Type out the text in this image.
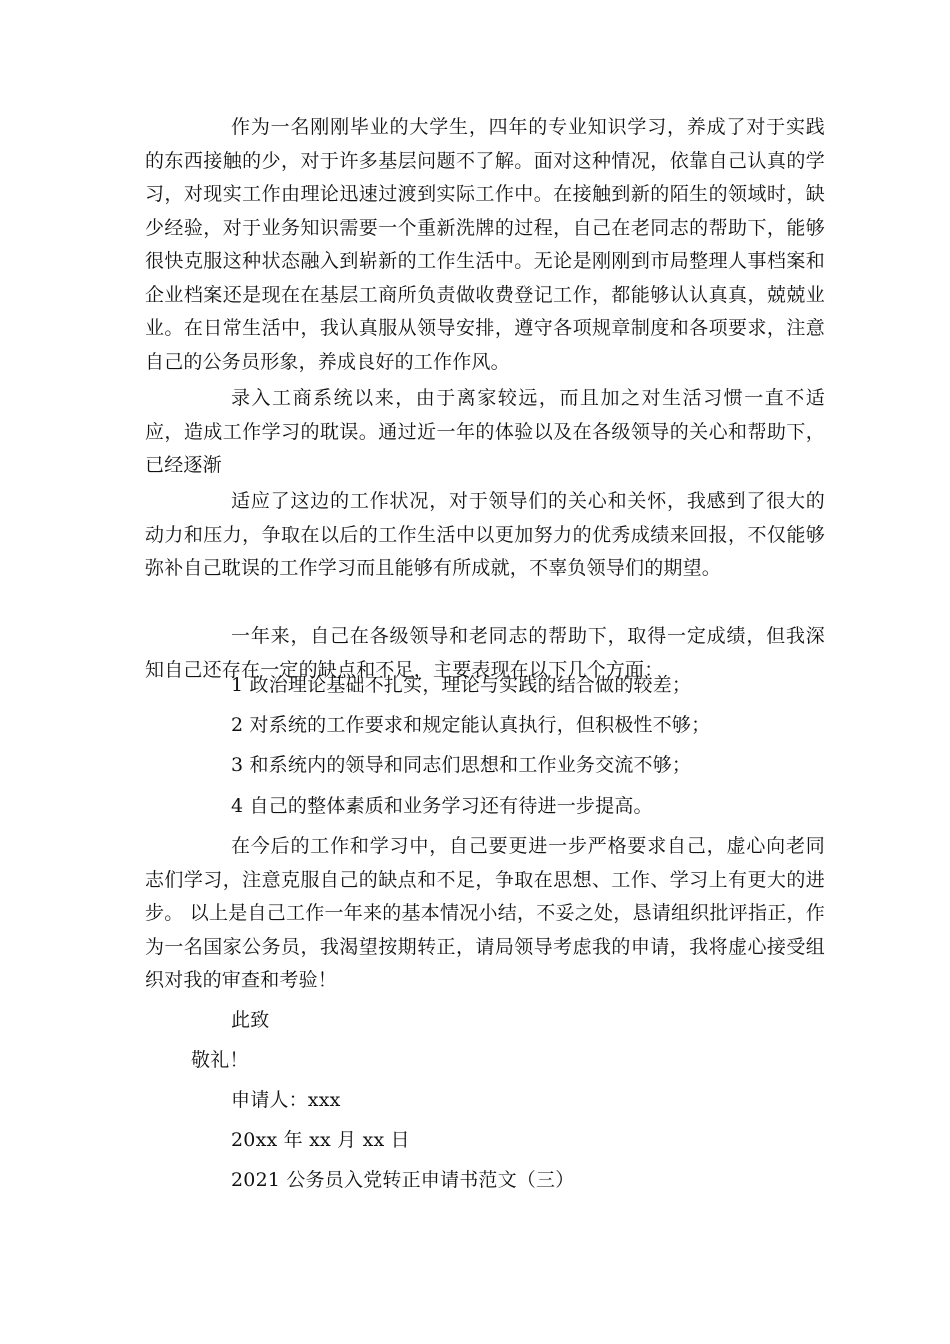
作为一名刚刚毕业的大学生，四年的专业知识学习，养成了对于实践的东西接触的少，对于许多基层问题不了解。面对这种情况，依靠自己认真的学习，对现实工作由理论迅速过渡到实际工作中。在接触到新的陌生的领域时，缺少经验，对于业务知识需要一个重新洗牌的过程，自己在老同志的帮助下，能够很快克服这种状态融入到崭新的工作生活中。无论是刚刚到市局整理人事档案和企业档案还是现在在基层工商所负责做收费登记工作，都能够认认真真，兢兢业业。在日常生活中，我认真服从领导安排，遵守各项规章制度和各项要求，注意自己的公务员形象，养成良好的工作作风。

录入工商系统以来，由于离家较远，而且加之对生活习惯一直不适应，造成工作学习的耽误。通过近一年的体验以及在各级领导的关心和帮助下，已经逐渐

适应了这边的工作状况，对于领导们的关心和关怀，我感到了很大的动力和压力，争取在以后的工作生活中以更加努力的优秀成绩来回报，不仅能够弥补自己耽误的工作学习而且能够有所成就，不辜负领导们的期望。

一年来，自己在各级领导和老同志的帮助下，取得一定成绩，但我深知自己还存在一定的缺点和不足，主要表现在以下几个方面：

1 政治理论基础不扎实，理论与实践的结合做的较差；

2 对系统的工作要求和规定能认真执行，但积极性不够；

3 和系统内的领导和同志们思想和工作业务交流不够；

4 自己的整体素质和业务学习还有待进一步提高。

在今后的工作和学习中，自己要更进一步严格要求自己，虚心向老同志们学习，注意克服自己的缺点和不足，争取在思想、工作、学习上有更大的进步。 以上是自己工作一年来的基本情况小结，不妥之处，恳请组织批评指正，作为一名国家公务员，我渴望按期转正，请局领导考虑我的申请，我将虚心接受组织对我的审查和考验！

此致

敬礼！

申请人：xxx

20xx 年 xx 月 xx 日

2021 公务员入党转正申请书范文（三）
